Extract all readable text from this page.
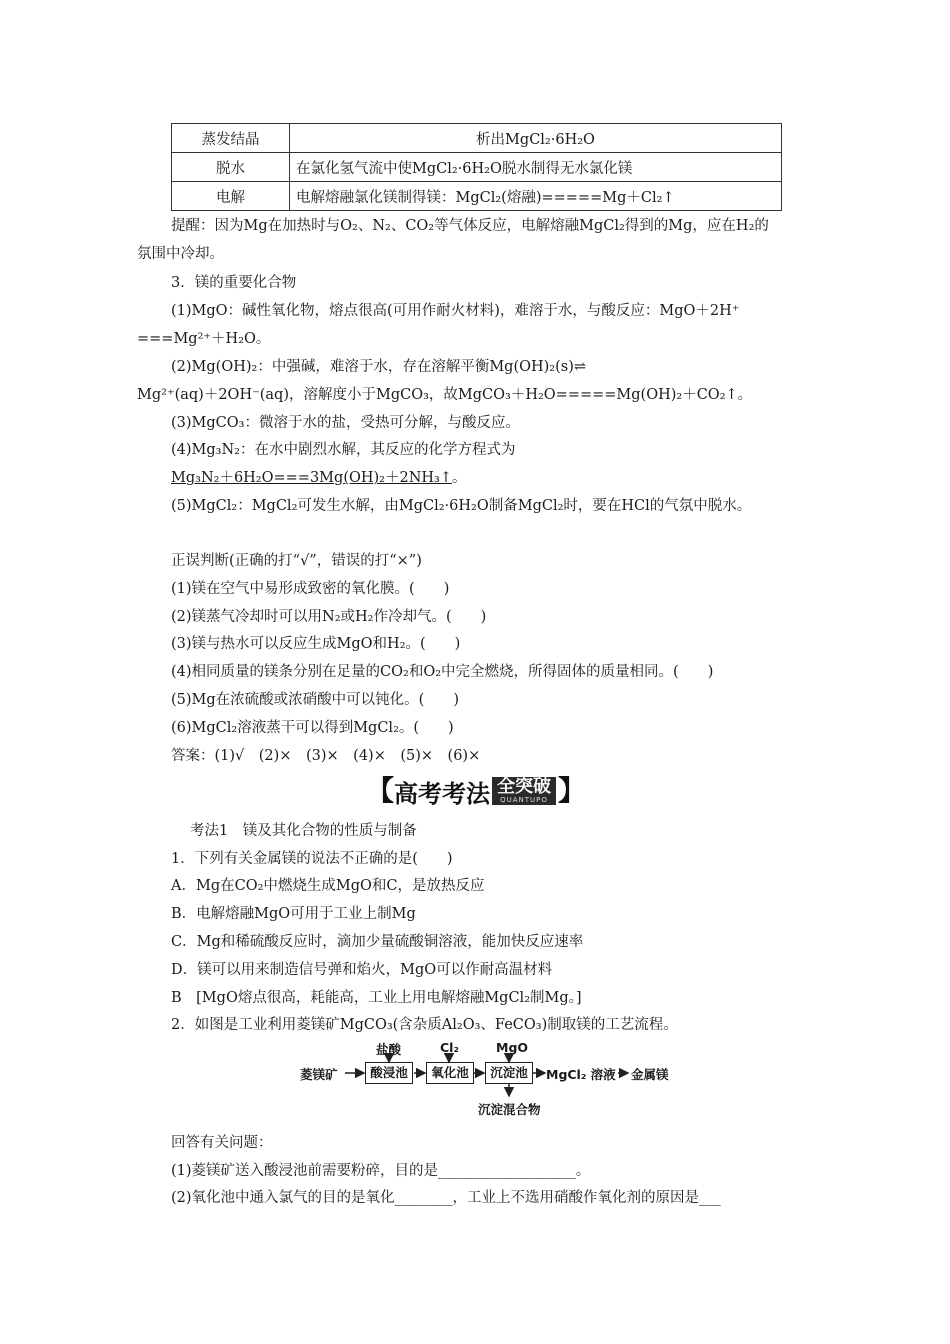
蒸发结晶	析出MgCl₂·6H₂O
脱水	在氯化氢气流中使MgCl₂·6H₂O脱水制得无水氯化镁
电解	电解熔融氯化镁制得镁：MgCl₂(熔融)=====Mg＋Cl₂↑
提醒：因为Mg在加热时与O₂、N₂、CO₂等气体反应，电解熔融MgCl₂得到的Mg，应在H₂的
氛围中冷却。
3．镁的重要化合物
(1)MgO：碱性氧化物，熔点很高(可用作耐火材料)，难溶于水，与酸反应：MgO＋2H⁺
===Mg²⁺＋H₂O。
(2)Mg(OH)₂：中强碱，难溶于水，存在溶解平衡Mg(OH)₂(s)⇌
Mg²⁺(aq)＋2OH⁻(aq)，溶解度小于MgCO₃，故MgCO₃＋H₂O=====Mg(OH)₂＋CO₂↑。
(3)MgCO₃：微溶于水的盐，受热可分解，与酸反应。
(4)Mg₃N₂：在水中剧烈水解，其反应的化学方程式为
Mg₃N₂＋6H₂O===3Mg(OH)₂＋2NH₃↑。
(5)MgCl₂：MgCl₂可发生水解，由MgCl₂·6H₂O制备MgCl₂时，要在HCl的气氛中脱水。
正误判断(正确的打“√”，错误的打“×”)
(1)镁在空气中易形成致密的氧化膜。(　　)
(2)镁蒸气冷却时可以用N₂或H₂作冷却气。(　　)
(3)镁与热水可以反应生成MgO和H₂。(　　)
(4)相同质量的镁条分别在足量的CO₂和O₂中完全燃烧，所得固体的质量相同。(　　)
(5)Mg在浓硫酸或浓硝酸中可以钝化。(　　)
(6)MgCl₂溶液蒸干可以得到MgCl₂。(　　)
答案：(1)√　(2)×　(3)×　(4)×　(5)×　(6)×
【 高考考法 全突破
QUANTUPO 】
考法1　镁及其化合物的性质与制备
1．下列有关金属镁的说法不正确的是(　　)
A．Mg在CO₂中燃烧生成MgO和C，是放热反应
B．电解熔融MgO可用于工业上制Mg
C．Mg和稀硫酸反应时，滴加少量硫酸铜溶液，能加快反应速率
D．镁可以用来制造信号弹和焰火，MgO可以作耐高温材料
B　[MgO熔点很高，耗能高，工业上用电解熔融MgCl₂制Mg。]
2．如图是工业利用菱镁矿MgCO₃(含杂质Al₂O₃、FeCO₃)制取镁的工艺流程。
盐酸	Cl₂	MgO
菱镁矿	酸浸池	氧化池	沉淀池	MgCl₂ 溶液 金属镁
沉淀混合物
回答有关问题：
(1)菱镁矿送入酸浸池前需要粉碎，目的是___________________。
(2)氧化池中通入氯气的目的是氧化________，工业上不选用硝酸作氧化剂的原因是___
